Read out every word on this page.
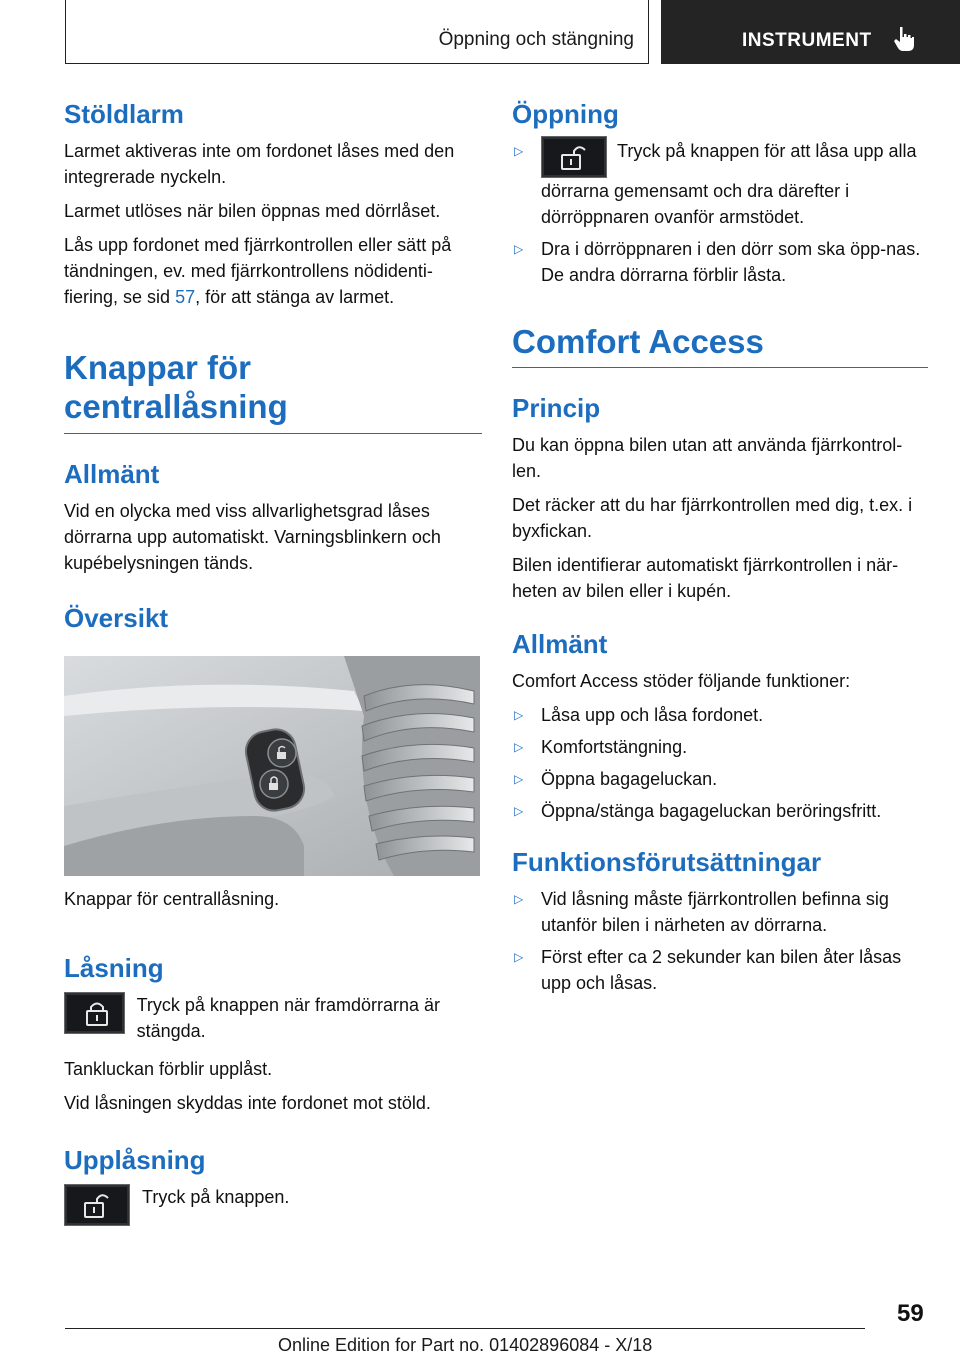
Öppning och stängning	INSTRUMENT
Stöldlarm

Larmet aktiveras inte om fordonet låses med den integrerade nyckeln.

Larmet utlöses när bilen öppnas med dörrlåset.

Lås upp fordonet med fjärrkontrollen eller sätt på tändningen, ev. med fjärrkontrollens nödidenti-fiering, se sid 57, för att stänga av larmet.

Knappar för centrallåsning
Allmänt

Vid en olycka med viss allvarlighetsgrad låses dörrarna upp automatiskt. Varningsblinkern och kupébelysningen tänds.

Översikt

Knappar för centrallåsning.

Låsning
Tryck på knappen när framdörrarna är stängda.

Tankluckan förblir upplåst.

Vid låsningen skyddas inte fordonet mot stöld.

Upplåsning
Tryck på knappen.
Öppning
▷	Tryck på knappen för att låsa upp alla dörrarna gemensamt och dra därefter i dörröppnaren ovanför armstödet.
▷ Dra i dörröppnaren i den dörr som ska öpp-nas. De andra dörrarna förblir låsta.
Comfort Access
Princip

Du kan öppna bilen utan att använda fjärrkontrol-len.

Det räcker att du har fjärrkontrollen med dig, t.ex. i byxfickan.

Bilen identifierar automatiskt fjärrkontrollen i när-heten av bilen eller i kupén.

Allmänt

Comfort Access stöder följande funktioner:

▷ Låsa upp och låsa fordonet.
▷ Komfortstängning.
▷ Öppna bagageluckan.
▷ Öppna/stänga bagageluckan beröringsfritt.
Funktionsförutsättningar
▷ Vid låsning måste fjärrkontrollen befinna sig utanför bilen i närheten av dörrarna.
▷ Först efter ca 2 sekunder kan bilen åter låsas upp och låsas.
59
Online Edition for Part no. 01402896084 - X/18
